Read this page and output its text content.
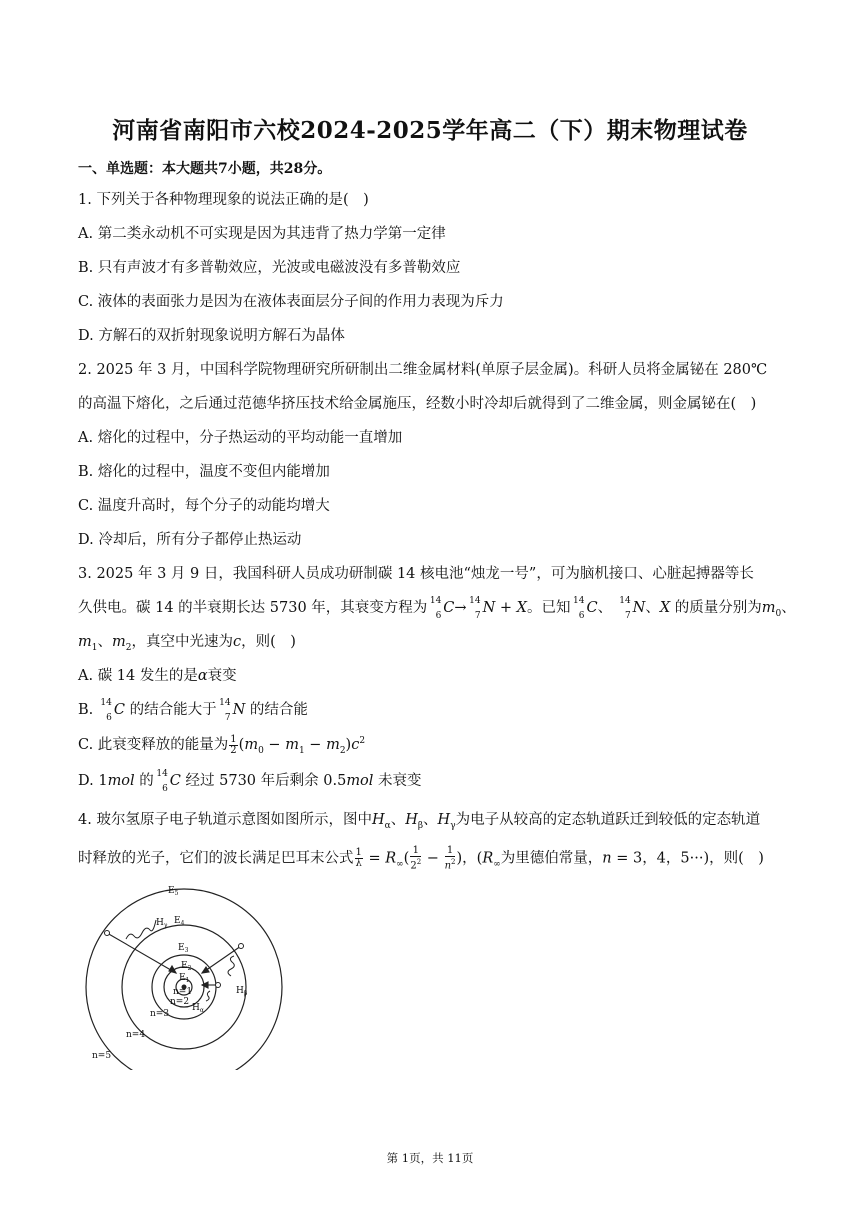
河南省南阳市六校2024-2025学年高二（下）期末物理试卷
一、单选题：本大题共7小题，共28分。
1. 下列关于各种物理现象的说法正确的是(　)
A. 第二类永动机不可实现是因为其违背了热力学第一定律
B. 只有声波才有多普勒效应，光波或电磁波没有多普勒效应
C. 液体的表面张力是因为在液体表面层分子间的作用力表现为斥力
D. 方解石的双折射现象说明方解石为晶体
2. 2025 年 3 月，中国科学院物理研究所研制出二维金属材料(单原子层金属)。科研人员将金属铋在 280℃
的高温下熔化，之后通过范德华挤压技术给金属施压，经数小时冷却后就得到了二维金属，则金属铋在(　)
A. 熔化的过程中，分子热运动的平均动能一直增加
B. 熔化的过程中，温度不变但内能增加
C. 温度升高时，每个分子的动能均增大
D. 冷却后，所有分子都停止热运动
3. 2025 年 3 月 9 日，我国科研人员成功研制碳 14 核电池“烛龙一号”，可为脑机接口、心脏起搏器等长
久供电。碳 14 的半衰期长达 5730 年，其衰变方程为 14
6 C→ 14
7 N + X。已知 14
6 C、 14
7 N、X 的质量分别为$m_0$、
$m_1$、$m_2$，真空中光速为c，则(　)
A. 碳 14 发生的是α衰变
B. 14
6 C 的结合能大于 14
7 N 的结合能
C. 此衰变释放的能量为 $\frac{1}{2} (m_0 - m_1 - m_2)c^2$
D. 1mol 的 14
6 C 经过 5730 年后剩余 0.5mol 未衰变
4. 玻尔氢原子电子轨道示意图如图所示，图中$H_\alpha$、$H_\beta$、$H_\gamma$为电子从较高的定态轨道跃迁到较低的定态轨道
时释放的光子，它们的波长满足巴耳末公式 $\frac{1}{\lambda} = R_\infty( \frac{1}{2^2} - \frac{1}{n^2}$ )，($R_\infty$为里德伯常量，n = 3，4，5···)，则(　)
$E_5$
$E_4$
$E_3$
$E_2$
$E_1$
$H_\gamma$
$H_\beta$
$H_\alpha$
n=1
n=2
n=3
n=4
n=5
第 1页，共 11页
